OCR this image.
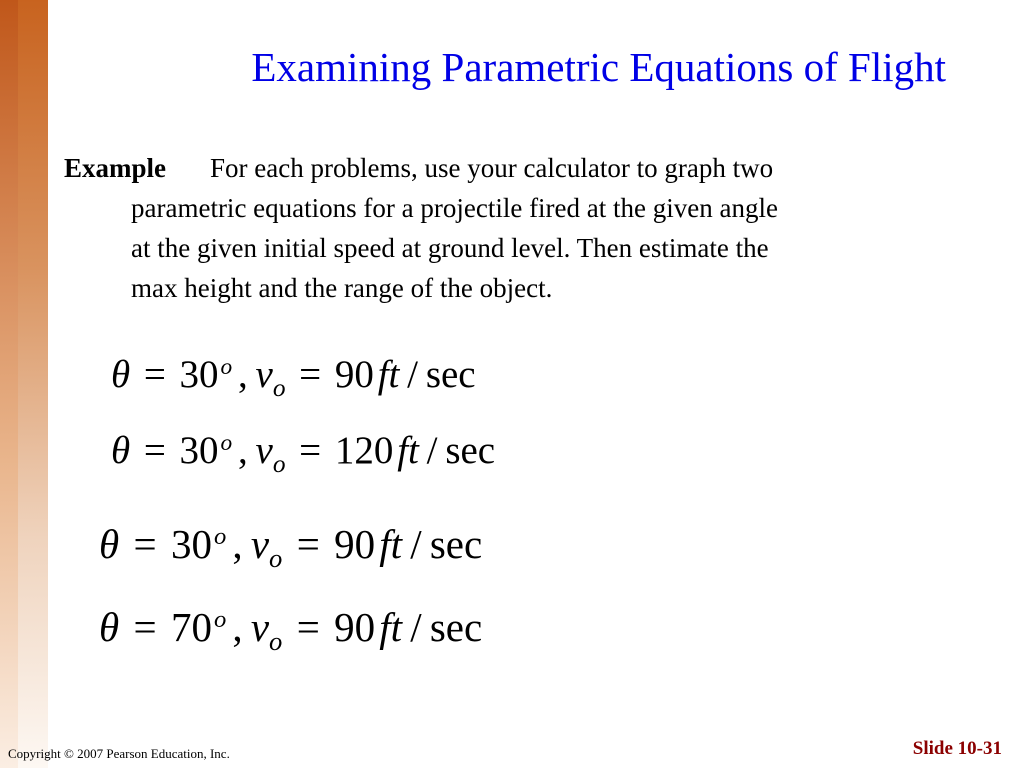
Examining Parametric Equations of Flight
Example For each problems, use your calculator to graph two
parametric equations for a projectile fired at the given angle
at the given initial speed at ground level. Then estimate the
max height and the range of the object.
θ = 30 o , v o = 90 ft / sec
θ = 30 o , v o = 120 ft / sec
θ = 30 o , v o = 90 ft / sec
θ = 70 o , v o = 90 ft / sec
Copyright © 2007 Pearson Education, Inc.	Slide 10-31
